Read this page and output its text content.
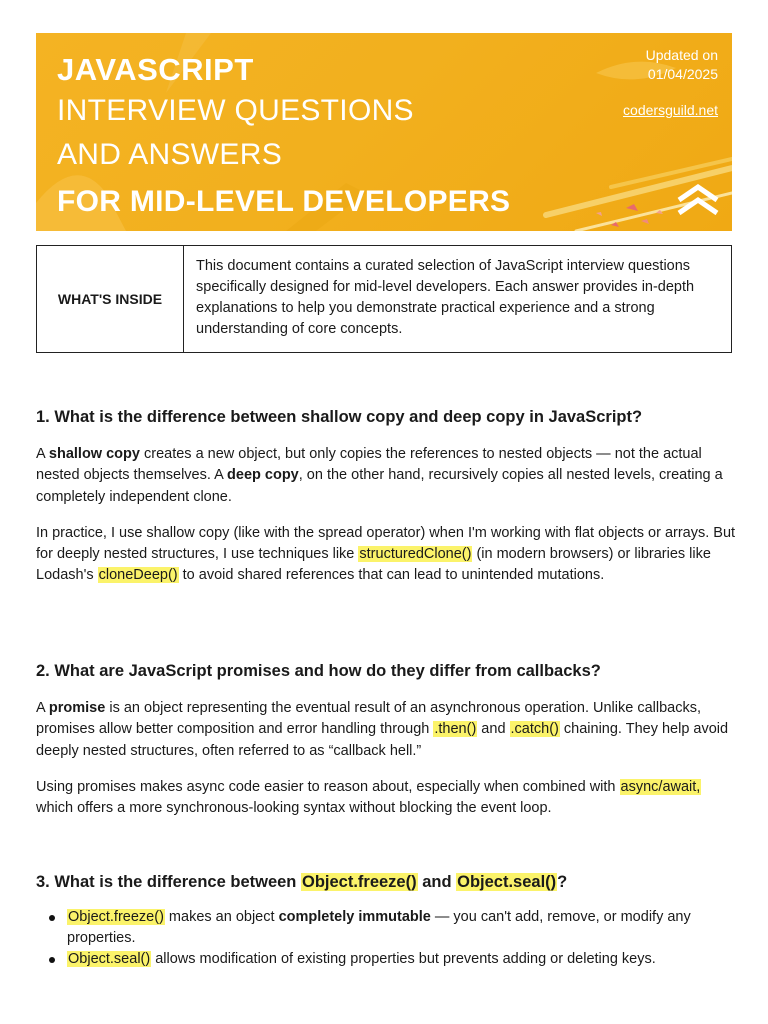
JAVASCRIPT
INTERVIEW QUESTIONS
AND ANSWERS
FOR MID-LEVEL DEVELOPERS
Updated on
01/04/2025
codersguild.net
WHAT'S INSIDE
This document contains a curated selection of JavaScript interview questions specifically designed for mid-level developers. Each answer provides in-depth explanations to help you demonstrate practical experience and a strong understanding of core concepts.
1. What is the difference between shallow copy and deep copy in JavaScript?

A shallow copy creates a new object, but only copies the references to nested objects — not the actual nested objects themselves. A deep copy, on the other hand, recursively copies all nested levels, creating a completely independent clone.

In practice, I use shallow copy (like with the spread operator) when I'm working with flat objects or arrays. But for deeply nested structures, I use techniques like structuredClone() (in modern browsers) or libraries like Lodash's cloneDeep() to avoid shared references that can lead to unintended mutations.

2. What are JavaScript promises and how do they differ from callbacks?

A promise is an object representing the eventual result of an asynchronous operation. Unlike callbacks, promises allow better composition and error handling through .then() and .catch() chaining. They help avoid deeply nested structures, often referred to as “callback hell.”

Using promises makes async code easier to reason about, especially when combined with async/await, which offers a more synchronous-looking syntax without blocking the event loop.

3. What is the difference between Object.freeze() and Object.seal()?
Object.freeze() makes an object completely immutable — you can't add, remove, or modify any properties.
Object.seal() allows modification of existing properties but prevents adding or deleting keys.
